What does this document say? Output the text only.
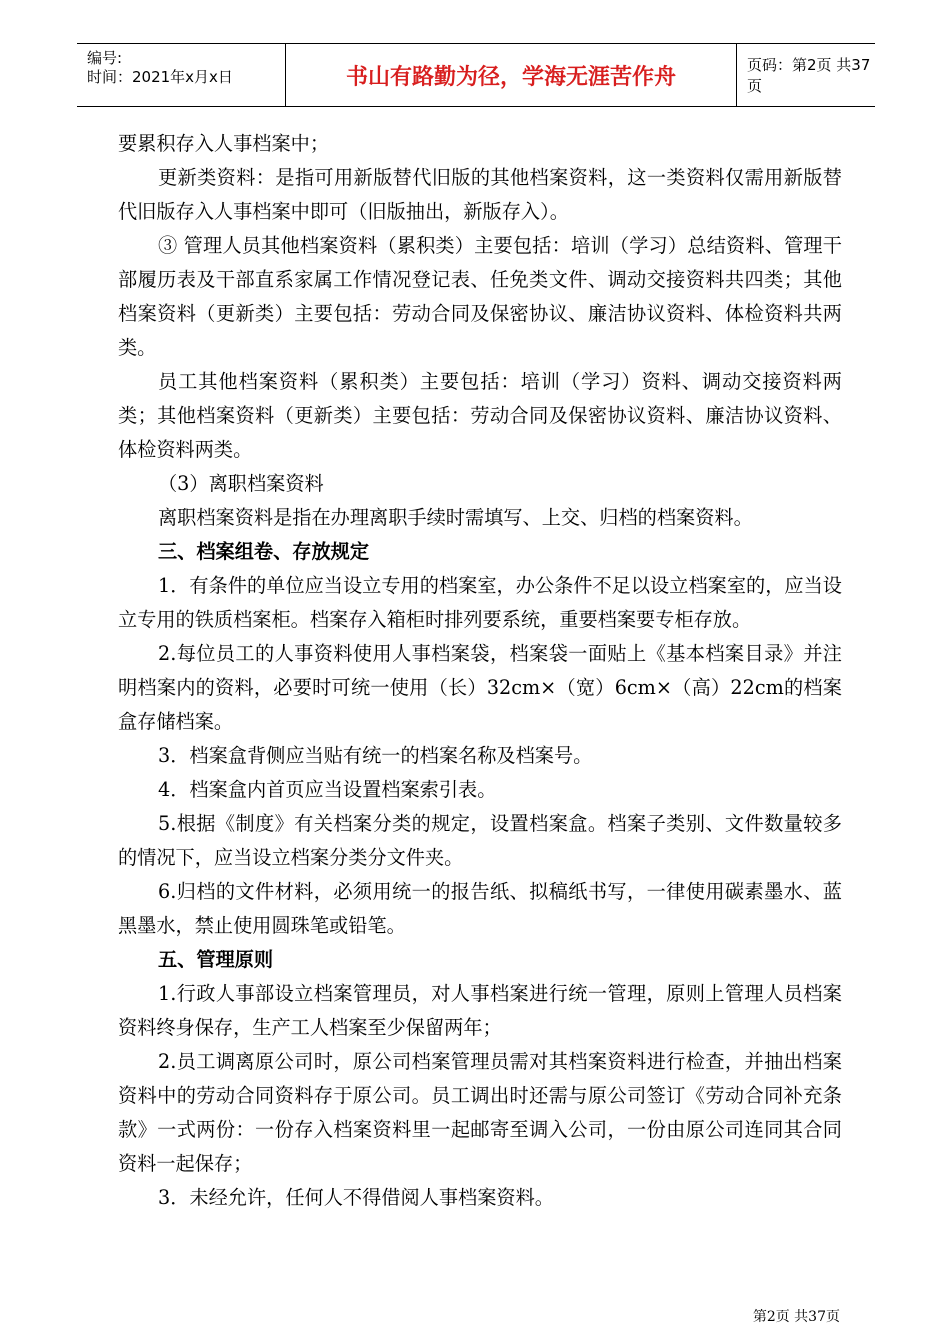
编号:
时间：2021年x月x日	书山有路勤为径，学海无涯苦作舟	页码：第2页 共37页

要累积存入人事档案中；

更新类资料：是指可用新版替代旧版的其他档案资料，这一类资料仅需用新版替代旧版存入人事档案中即可（旧版抽出，新版存入）。

③ 管理人员其他档案资料（累积类）主要包括：培训（学习）总结资料、管理干部履历表及干部直系家属工作情况登记表、任免类文件、调动交接资料共四类；其他档案资料（更新类）主要包括：劳动合同及保密协议、廉洁协议资料、体检资料共两类。

员工其他档案资料（累积类）主要包括：培训（学习）资料、调动交接资料两类；其他档案资料（更新类）主要包括：劳动合同及保密协议资料、廉洁协议资料、体检资料两类。

（3）离职档案资料

离职档案资料是指在办理离职手续时需填写、上交、归档的档案资料。

三、档案组卷、存放规定

1．有条件的单位应当设立专用的档案室，办公条件不足以设立档案室的，应当设立专用的铁质档案柜。档案存入箱柜时排列要系统，重要档案要专柜存放。

2.每位员工的人事资料使用人事档案袋，档案袋一面贴上《基本档案目录》并注明档案内的资料，必要时可统一使用（长）32cm×（宽）6cm×（高）22cm的档案盒存储档案。

3．档案盒背侧应当贴有统一的档案名称及档案号。

4．档案盒内首页应当设置档案索引表。

5.根据《制度》有关档案分类的规定，设置档案盒。档案子类别、文件数量较多的情况下，应当设立档案分类分文件夹。

6.归档的文件材料，必须用统一的报告纸、拟稿纸书写，一律使用碳素墨水、蓝黑墨水，禁止使用圆珠笔或铅笔。

五、管理原则

1.行政人事部设立档案管理员，对人事档案进行统一管理，原则上管理人员档案资料终身保存，生产工人档案至少保留两年；

2.员工调离原公司时，原公司档案管理员需对其档案资料进行检查，并抽出档案资料中的劳动合同资料存于原公司。员工调出时还需与原公司签订《劳动合同补充条款》一式两份：一份存入档案资料里一起邮寄至调入公司，一份由原公司连同其合同资料一起保存；

3．未经允许，任何人不得借阅人事档案资料。

第2页 共37页
